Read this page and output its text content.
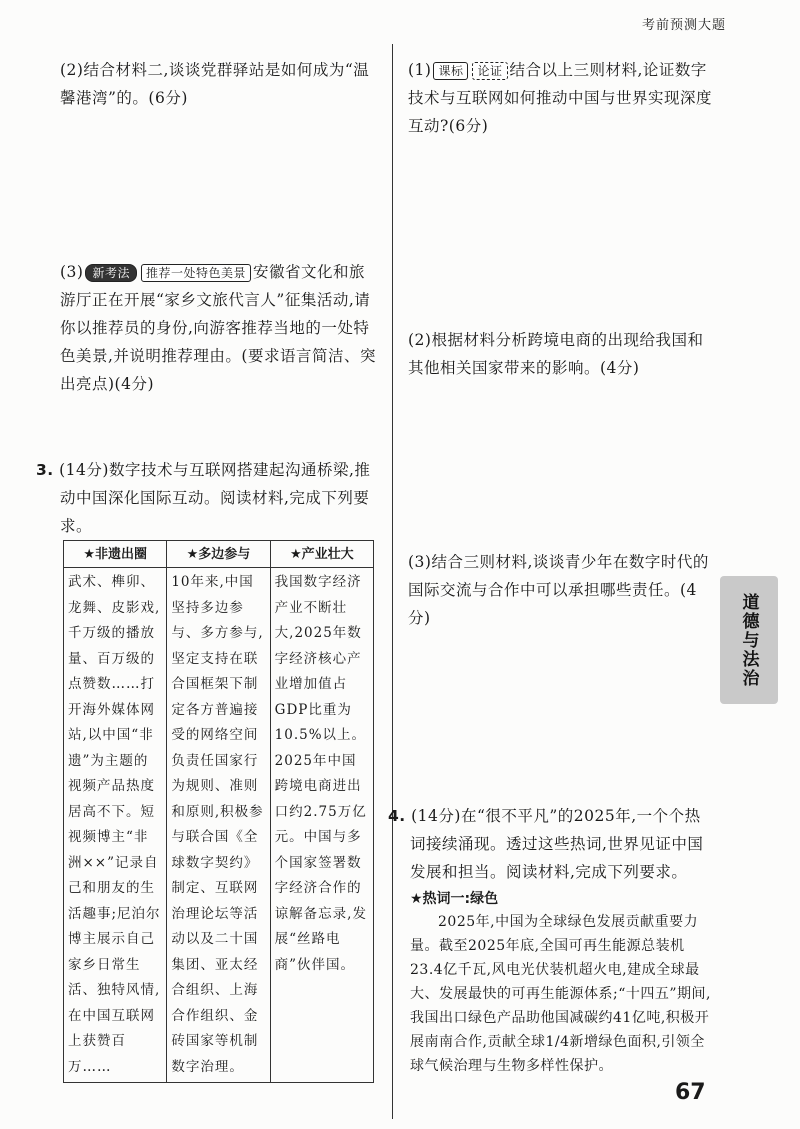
考前预测大题

(2)结合材料二,谈谈党群驿站是如何成为“温馨港湾”的。(6分)

(3) 新考法 推荐一处特色美景 安徽省文化和旅游厅正在开展“家乡文旅代言人”征集活动,请你以推荐员的身份,向游客推荐当地的一处特色美景,并说明推荐理由。(要求语言简洁、突出亮点)(4分)

3. (14分)数字技术与互联网搭建起沟通桥梁,推动中国深化国际互动。阅读材料,完成下列要求。

★非遗出圈	★多边参与	★产业壮大
武术、榫卯、龙舞、皮影戏,千万级的播放量、百万级的点赞数……打开海外媒体网站,以中国“非遗”为主题的视频产品热度居高不下。短视频博主“非洲××”记录自己和朋友的生活趣事;尼泊尔博主展示自己家乡日常生活、独特风情,在中国互联网上获赞百万……	10年来,中国坚持多边参与、多方参与,坚定支持在联合国框架下制定各方普遍接受的网络空间负责任国家行为规则、准则和原则,积极参与联合国《全球数字契约》制定、互联网治理论坛等活动以及二十国集团、亚太经合组织、上海合作组织、金砖国家等机制数字治理。	我国数字经济产业不断壮大,2025年数字经济核心产业增加值占GDP比重为10.5%以上。2025年中国跨境电商进出口约2.75万亿元。中国与多个国家签署数字经济合作的谅解备忘录,发展“丝路电商”伙伴国。

(1) 课标 论证 结合以上三则材料,论证数字技术与互联网如何推动中国与世界实现深度互动?(6分)

(2)根据材料分析跨境电商的出现给我国和其他相关国家带来的影响。(4分)

(3)结合三则材料,谈谈青少年在数字时代的国际交流与合作中可以承担哪些责任。(4分)

4. (14分)在“很不平凡”的2025年,一个个热词接续涌现。透过这些热词,世界见证中国发展和担当。阅读材料,完成下列要求。

★热词一:绿色

2025年,中国为全球绿色发展贡献重要力量。截至2025年底,全国可再生能源总装机23.4亿千瓦,风电光伏装机超火电,建成全球最大、发展最快的可再生能源体系;“十四五”期间,我国出口绿色产品助他国减碳约41亿吨,积极开展南南合作,贡献全球1/4新增绿色面积,引领全球气候治理与生物多样性保护。

道德与法治
67
